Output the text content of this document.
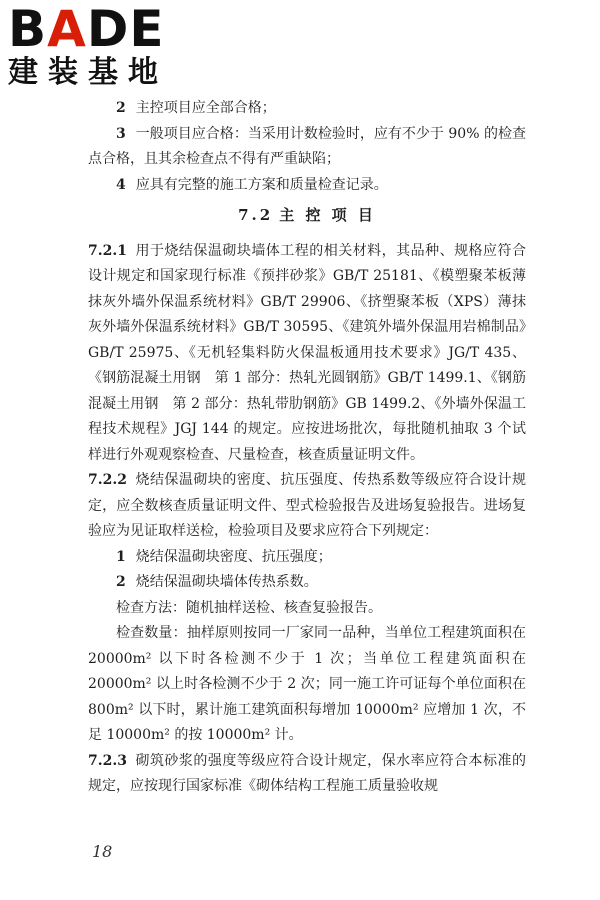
BADE
建装基地

2 主控项目应全部合格；

3 一般项目应合格：当采用计数检验时，应有不少于 90% 的检查点合格，且其余检查点不得有严重缺陷；

4 应具有完整的施工方案和质量检查记录。

7.2 主 控 项 目

7.2.1 用于烧结保温砌块墙体工程的相关材料，其品种、规格应符合设计规定和国家现行标准《预拌砂浆》GB/T 25181、《模塑聚苯板薄抹灰外墙外保温系统材料》GB/T 29906、《挤塑聚苯板（XPS）薄抹灰外墙外保温系统材料》GB/T 30595、《建筑外墙外保温用岩棉制品》GB/T 25975、《无机轻集料防火保温板通用技术要求》JG/T 435、《钢筋混凝土用钢　第 1 部分：热轧光圆钢筋》GB/T 1499.1、《钢筋混凝土用钢　第 2 部分：热轧带肋钢筋》GB 1499.2、《外墙外保温工程技术规程》JGJ 144 的规定。应按进场批次，每批随机抽取 3 个试样进行外观观察检查、尺量检查，核查质量证明文件。

7.2.2 烧结保温砌块的密度、抗压强度、传热系数等级应符合设计规定，应全数核查质量证明文件、型式检验报告及进场复验报告。进场复验应为见证取样送检，检验项目及要求应符合下列规定：

1 烧结保温砌块密度、抗压强度；

2 烧结保温砌块墙体传热系数。

检查方法：随机抽样送检、核查复验报告。

检查数量：抽样原则按同一厂家同一品种，当单位工程建筑面积在 20000m² 以下时各检测不少于 1 次；当单位工程建筑面积在 20000m² 以上时各检测不少于 2 次；同一施工许可证每个单位面积在 800m² 以下时，累计施工建筑面积每增加 10000m² 应增加 1 次，不足 10000m² 的按 10000m² 计。

7.2.3 砌筑砂浆的强度等级应符合设计规定，保水率应符合本标准的规定，应按现行国家标准《砌体结构工程施工质量验收规

18
